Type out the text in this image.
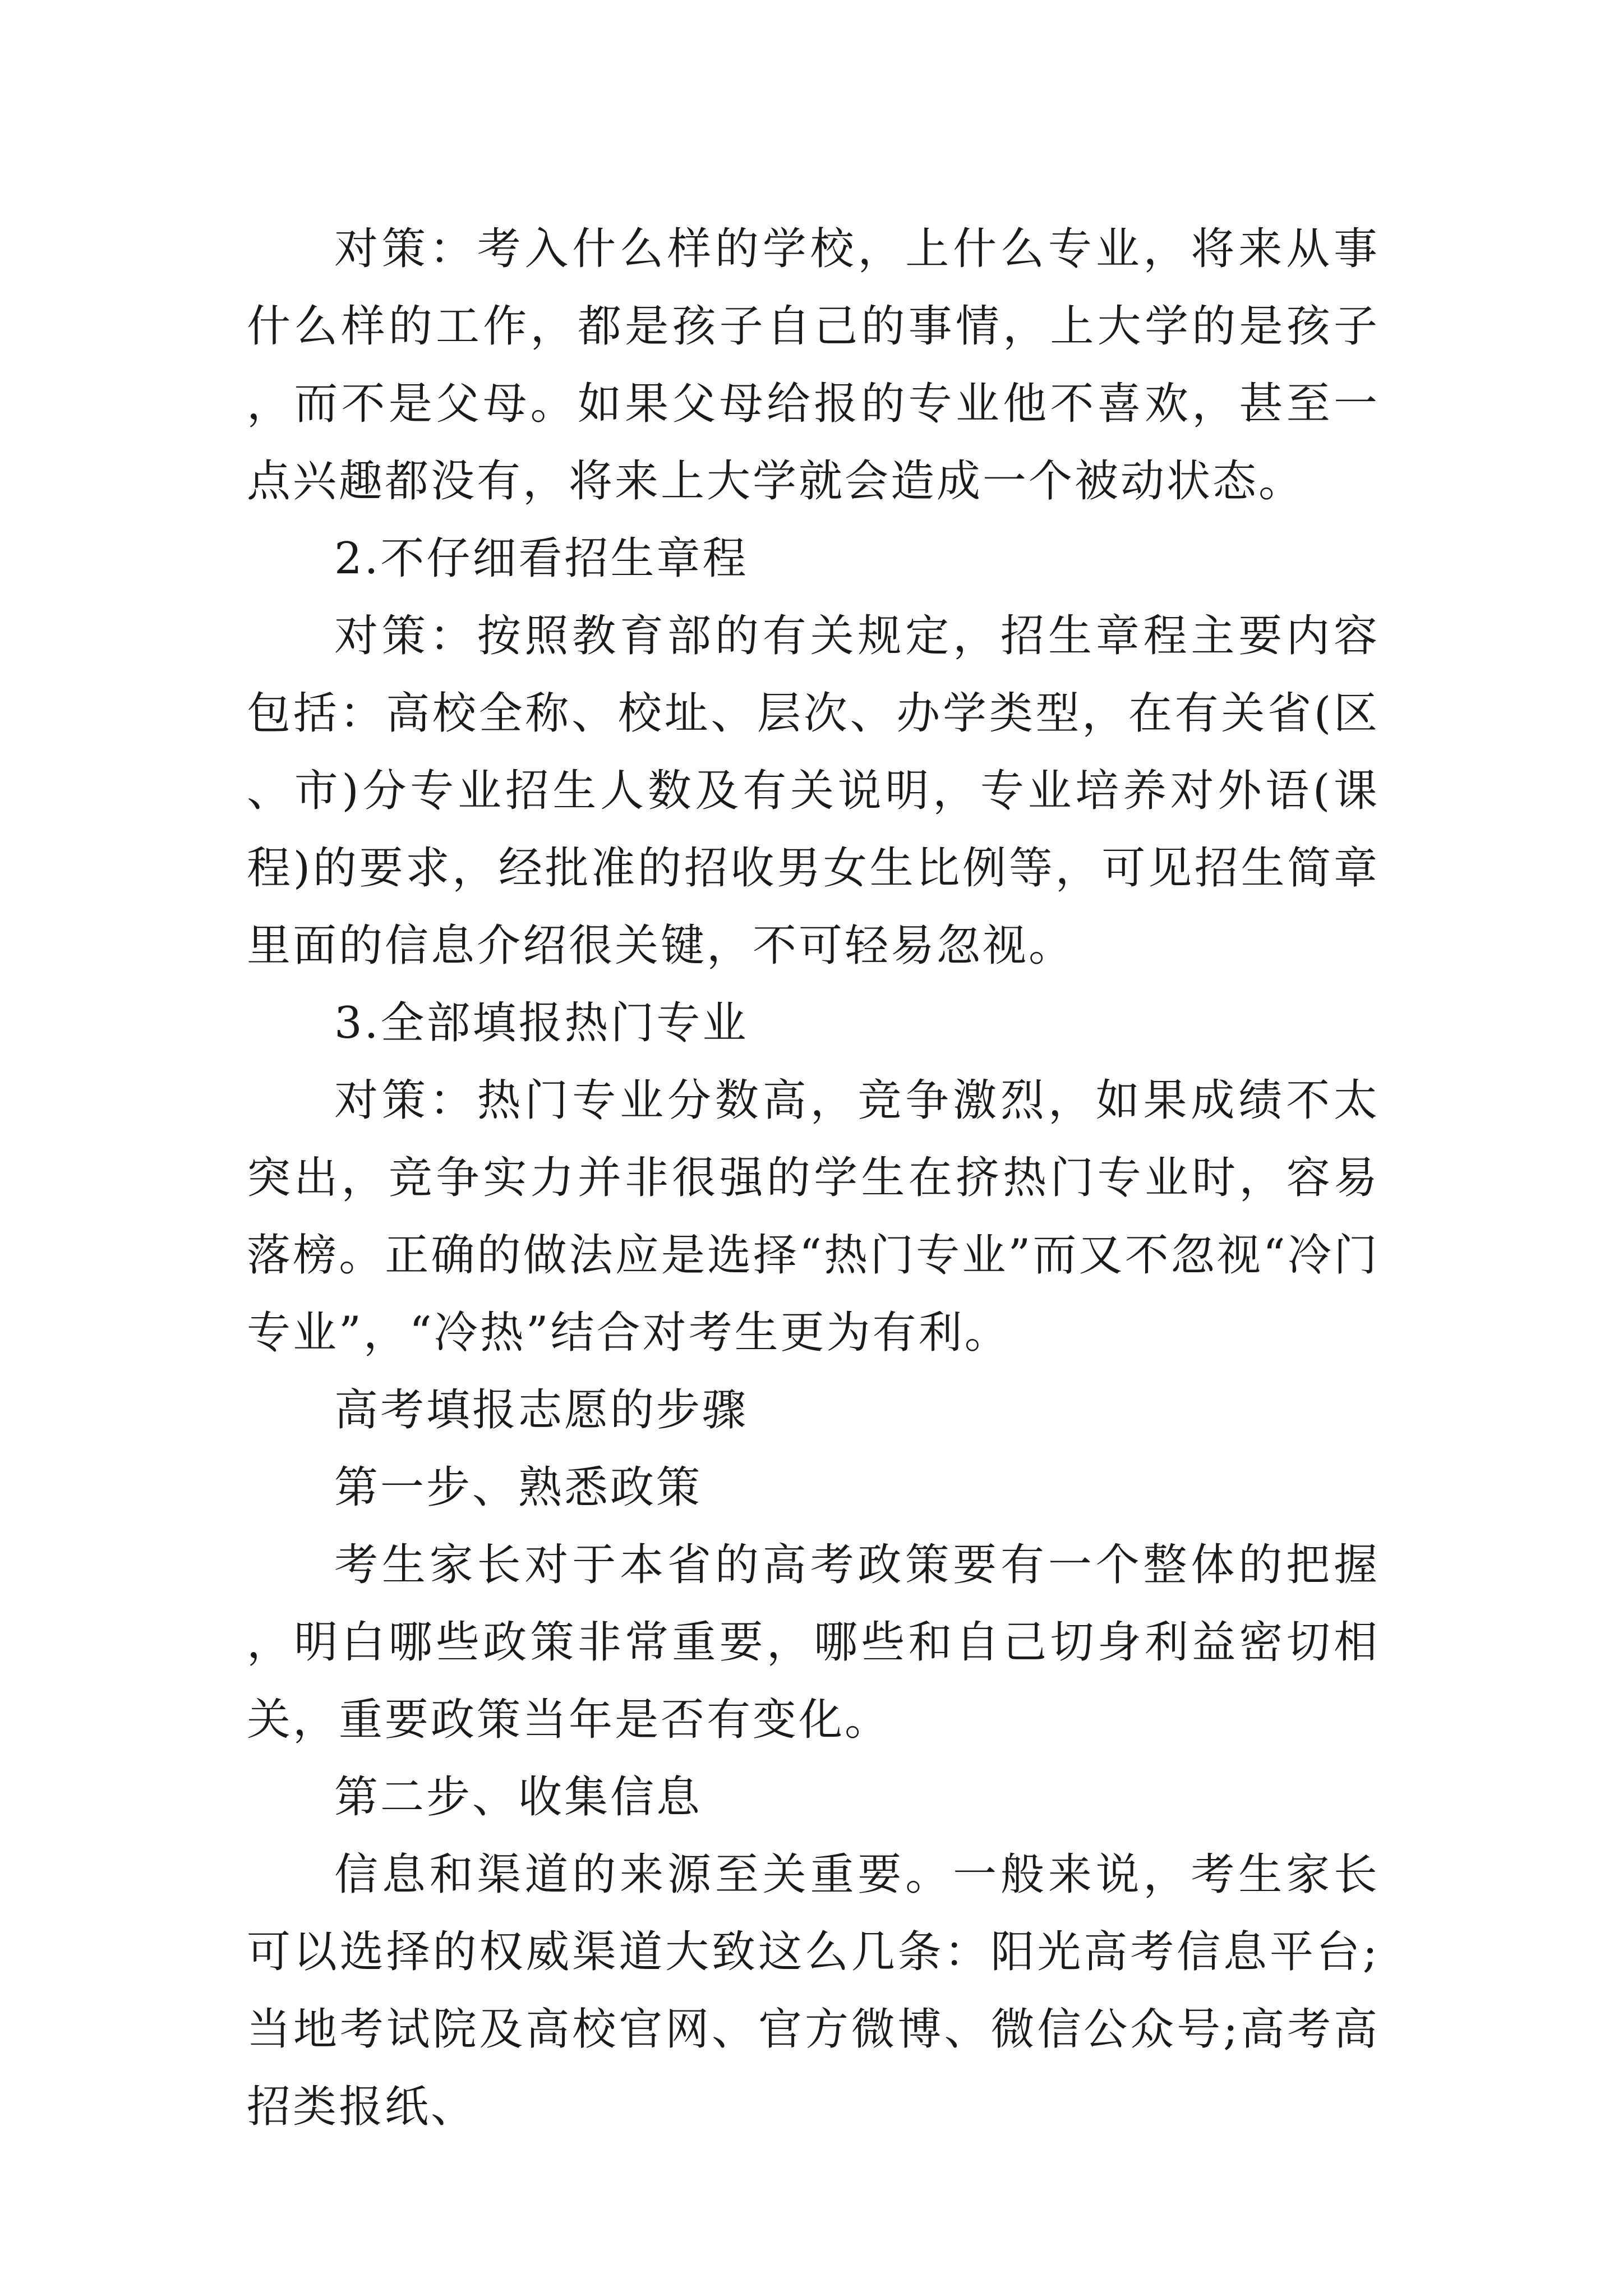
对策：考入什么样的学校，上什么专业，将来从事什么样的工作，都是孩子自己的事情，上大学的是孩子，而不是父母。如果父母给报的专业他不喜欢，甚至一点兴趣都没有，将来上大学就会造成一个被动状态。

2.不仔细看招生章程

对策：按照教育部的有关规定，招生章程主要内容包括：高校全称、校址、层次、办学类型，在有关省(区、市)分专业招生人数及有关说明，专业培养对外语(课程)的要求，经批准的招收男女生比例等，可见招生简章里面的信息介绍很关键，不可轻易忽视。

3.全部填报热门专业

对策：热门专业分数高，竞争激烈，如果成绩不太突出，竞争实力并非很强的学生在挤热门专业时，容易落榜。正确的做法应是选择“热门专业”而又不忽视“冷门专业”，“冷热”结合对考生更为有利。

高考填报志愿的步骤

第一步、熟悉政策

考生家长对于本省的高考政策要有一个整体的把握，明白哪些政策非常重要，哪些和自己切身利益密切相关，重要政策当年是否有变化。

第二步、收集信息

信息和渠道的来源至关重要。一般来说，考生家长可以选择的权威渠道大致这么几条：阳光高考信息平台;当地考试院及高校官网、官方微博、微信公众号;高考高招类报纸、
